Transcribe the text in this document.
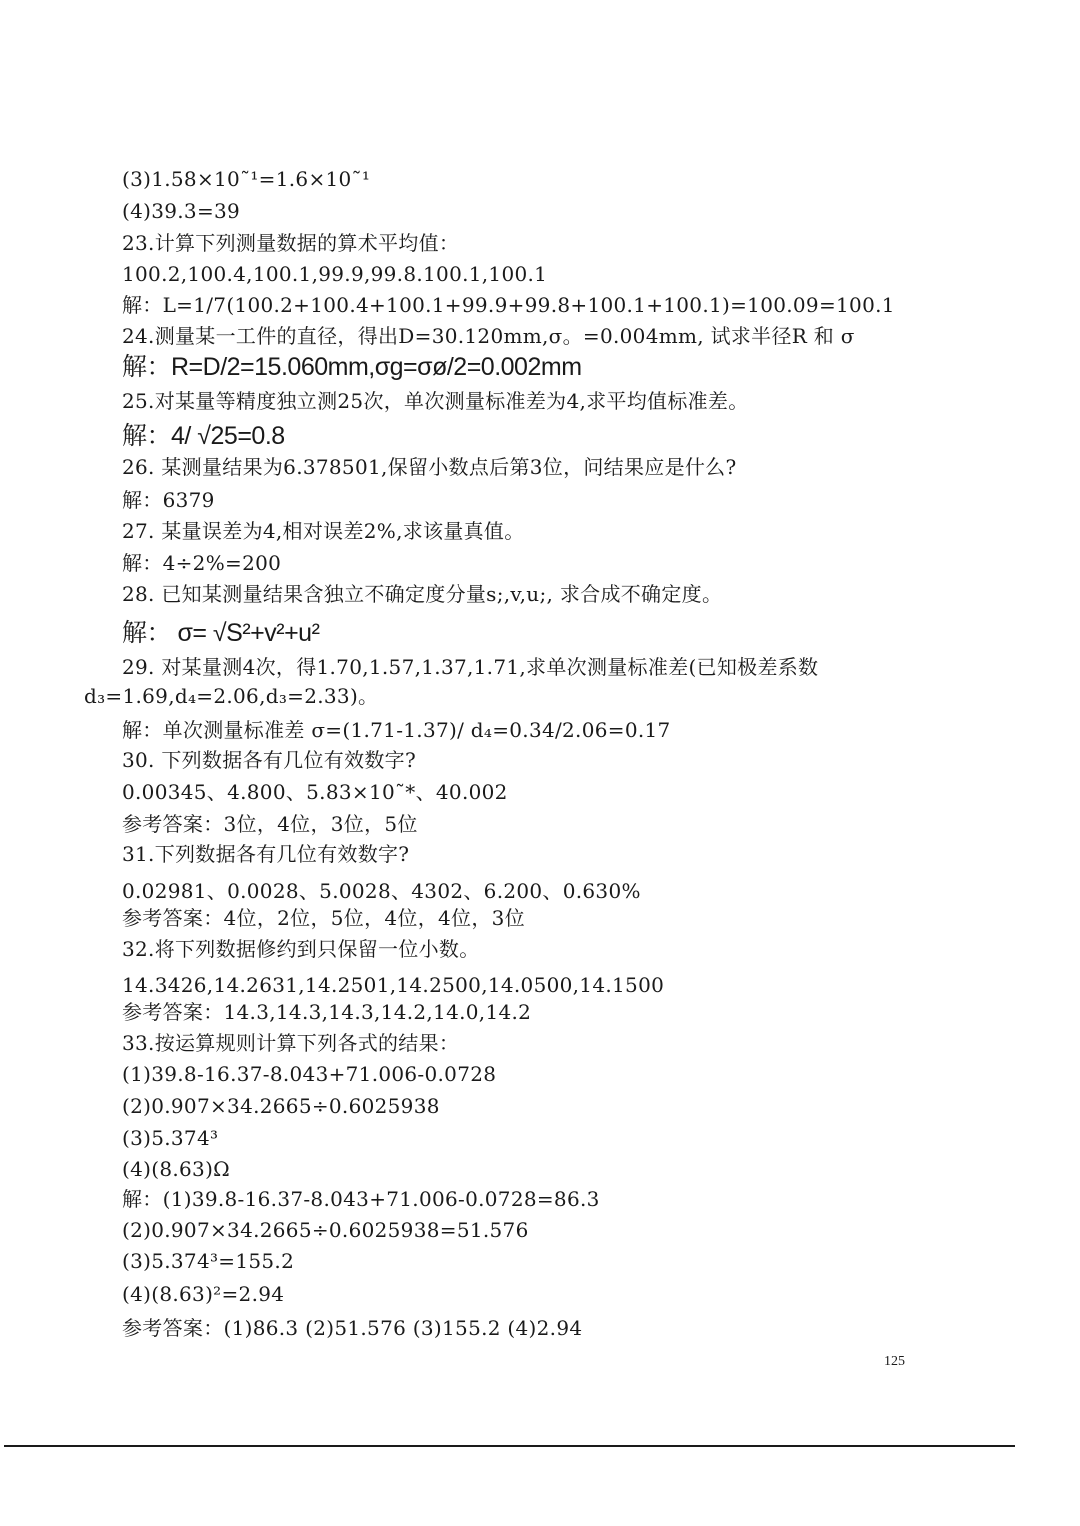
(3)1.58×10˜¹=1.6×10˜¹
(4)39.3=39
23.计算下列测量数据的算术平均值：
100.2,100.4,100.1,99.9,99.8.100.1,100.1
解：L=1/7(100.2+100.4+100.1+99.9+99.8+100.1+100.1)=100.09=100.1
24.测量某一工件的直径，得出D=30.120mm,σ。=0.004mm, 试求半径R 和 σ
解：R=D/2=15.060mm,σg=σø/2=0.002mm
25.对某量等精度独立测25次，单次测量标准差为4,求平均值标准差。
解：4/ √25=0.8
26. 某测量结果为6.378501,保留小数点后第3位，问结果应是什么?
解：6379
27. 某量误差为4,相对误差2%,求该量真值。
解：4÷2%=200
28. 已知某测量结果含独立不确定度分量s;,v,u;, 求合成不确定度。
解： σ= √S²+v²+u²
29. 对某量测4次，得1.70,1.57,1.37,1.71,求单次测量标准差(已知极差系数
d₃=1.69,d₄=2.06,d₃=2.33)。
解：单次测量标准差 σ=(1.71-1.37)/ d₄=0.34/2.06=0.17
30. 下列数据各有几位有效数字?
0.00345、4.800、5.83×10˜*、40.002
参考答案：3位，4位，3位，5位
31.下列数据各有几位有效数字?
0.02981、0.0028、5.0028、4302、6.200、0.630%
参考答案：4位，2位，5位，4位，4位，3位
32.将下列数据修约到只保留一位小数。
14.3426,14.2631,14.2501,14.2500,14.0500,14.1500
参考答案：14.3,14.3,14.3,14.2,14.0,14.2
33.按运算规则计算下列各式的结果：
(1)39.8-16.37-8.043+71.006-0.0728
(2)0.907×34.2665÷0.6025938
(3)5.374³
(4)(8.63)Ω
解：(1)39.8-16.37-8.043+71.006-0.0728=86.3
(2)0.907×34.2665÷0.6025938=51.576
(3)5.374³=155.2
(4)(8.63)²=2.94
参考答案：(1)86.3 (2)51.576 (3)155.2 (4)2.94
125
